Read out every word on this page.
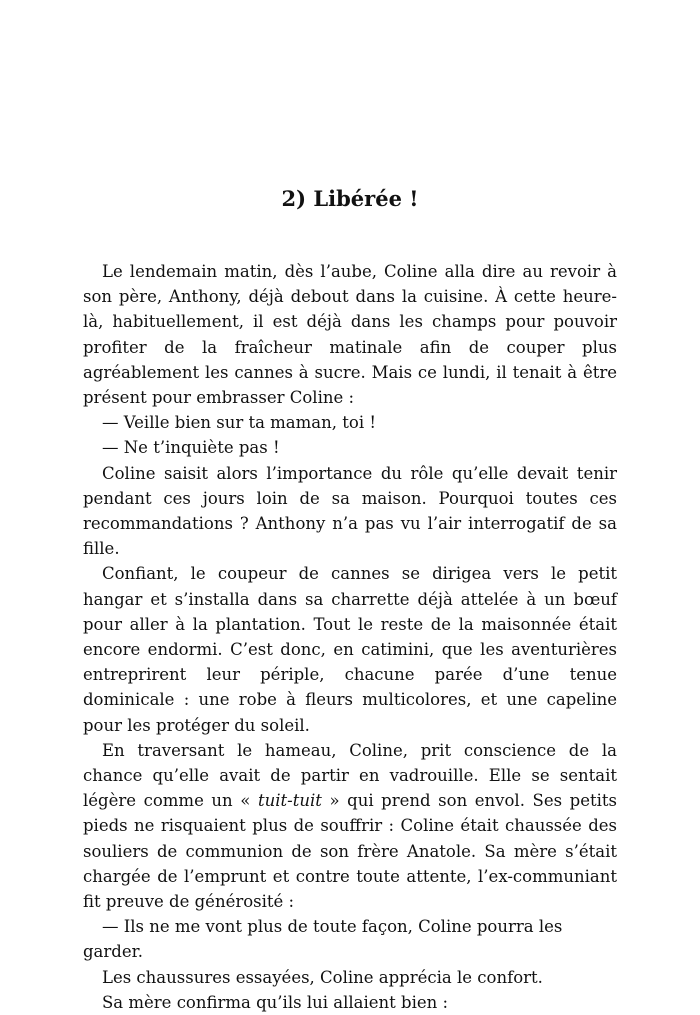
2) Libérée !

Le lendemain matin, dès l’aube, Coline alla dire au revoir à son père, Anthony, déjà debout dans la cuisine. À cette heure-là, habituellement, il est déjà dans les champs pour pouvoir profiter de la fraîcheur matinale afin de couper plus agréablement les cannes à sucre. Mais ce lundi, il tenait à être présent pour embrasser Coline :

— Veille bien sur ta maman, toi !

— Ne t’inquiète pas !

Coline saisit alors l’importance du rôle qu’elle devait tenir pendant ces jours loin de sa maison. Pourquoi toutes ces recommandations ? Anthony n’a pas vu l’air interrogatif de sa fille.

Confiant, le coupeur de cannes se dirigea vers le petit hangar et s’installa dans sa charrette déjà attelée à un bœuf pour aller à la plantation. Tout le reste de la maisonnée était encore endormi. C’est donc, en catimini, que les aventurières entreprirent leur périple, chacune parée d’une tenue dominicale : une robe à fleurs multicolores, et une capeline pour les protéger du soleil.

En traversant le hameau, Coline, prit conscience de la chance qu’elle avait de partir en vadrouille. Elle se sentait légère comme un « tuit-tuit » qui prend son envol. Ses petits pieds ne risquaient plus de souffrir : Coline était chaussée des souliers de communion de son frère Anatole. Sa mère s’était chargée de l’emprunt et contre toute attente, l’ex-communiant fit preuve de générosité :

— Ils ne me vont plus de toute façon, Coline pourra les garder.

Les chaussures essayées, Coline apprécia le confort.

Sa mère confirma qu’ils lui allaient bien :
